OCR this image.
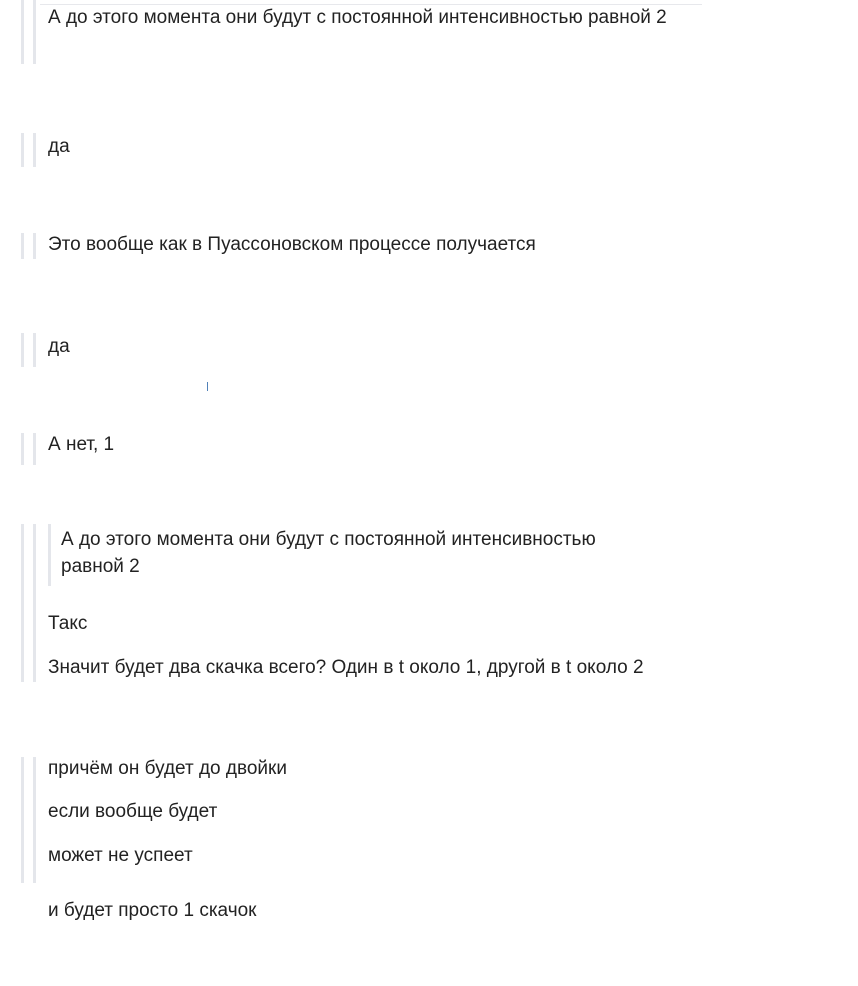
А до этого момента они будут с постоянной интенсивностью равной 2
да
Это вообще как в Пуассоновском процессе получается
да
А нет, 1
А до этого момента они будут с постоянной интенсивностью равной 2
Такс
Значит будет два скачка всего? Один в t около 1, другой в t около 2
причём он будет до двойки
если вообще будет
может не успеет
и будет просто 1 скачок
